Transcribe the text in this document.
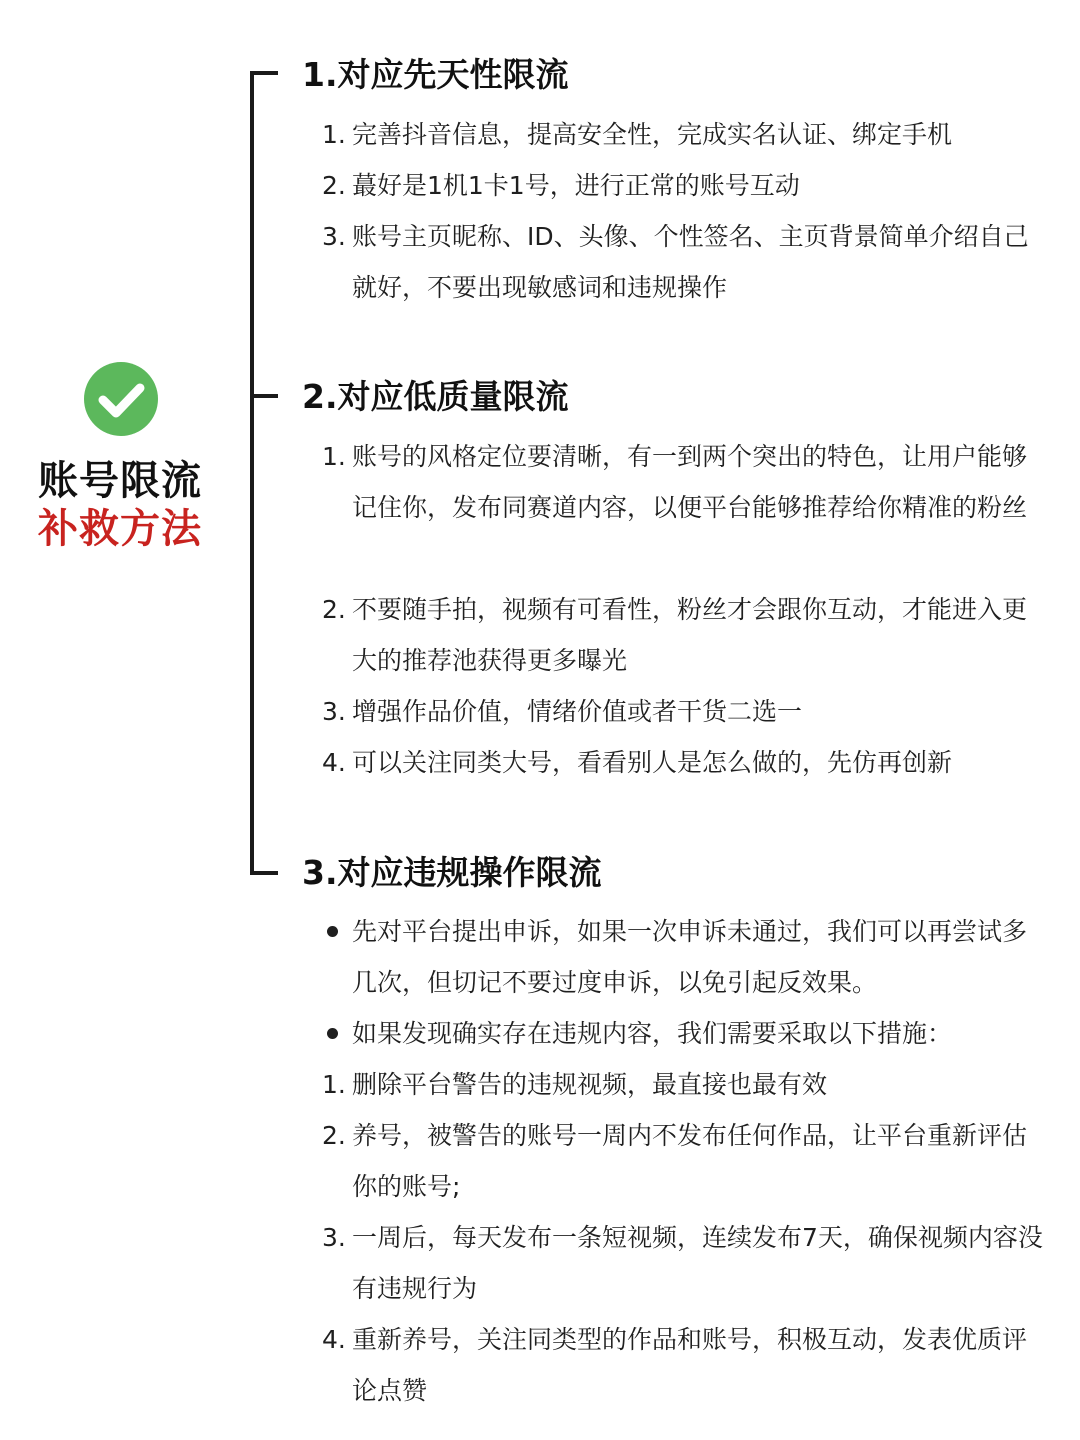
账号限流
补救方法
1.对应先天性限流
1. 完善抖音信息，提高安全性，完成实名认证、绑定手机
2. 蕞好是1机1卡1号，进行正常的账号互动
3. 账号主页昵称、ID、头像、个性签名、主页背景简单介绍自己就好，不要出现敏感词和违规操作
2.对应低质量限流
1. 账号的风格定位要清晰，有一到两个突出的特色，让用户能够记住你，发布同赛道内容，以便平台能够推荐给你精准的粉丝
2. 不要随手拍，视频有可看性，粉丝才会跟你互动，才能进入更大的推荐池获得更多曝光
3. 增强作品价值，情绪价值或者干货二选一
4. 可以关注同类大号，看看别人是怎么做的，先仿再创新
3.对应违规操作限流
先对平台提出申诉，如果一次申诉未通过，我们可以再尝试多几次，但切记不要过度申诉，以免引起反效果。
如果发现确实存在违规内容，我们需要采取以下措施：
1. 删除平台警告的违规视频，最直接也最有效
2. 养号，被警告的账号一周内不发布任何作品，让平台重新评估你的账号;
3. 一周后，每天发布一条短视频，连续发布7天，确保视频内容没有违规行为
4. 重新养号，关注同类型的作品和账号，积极互动，发表优质评论点赞
